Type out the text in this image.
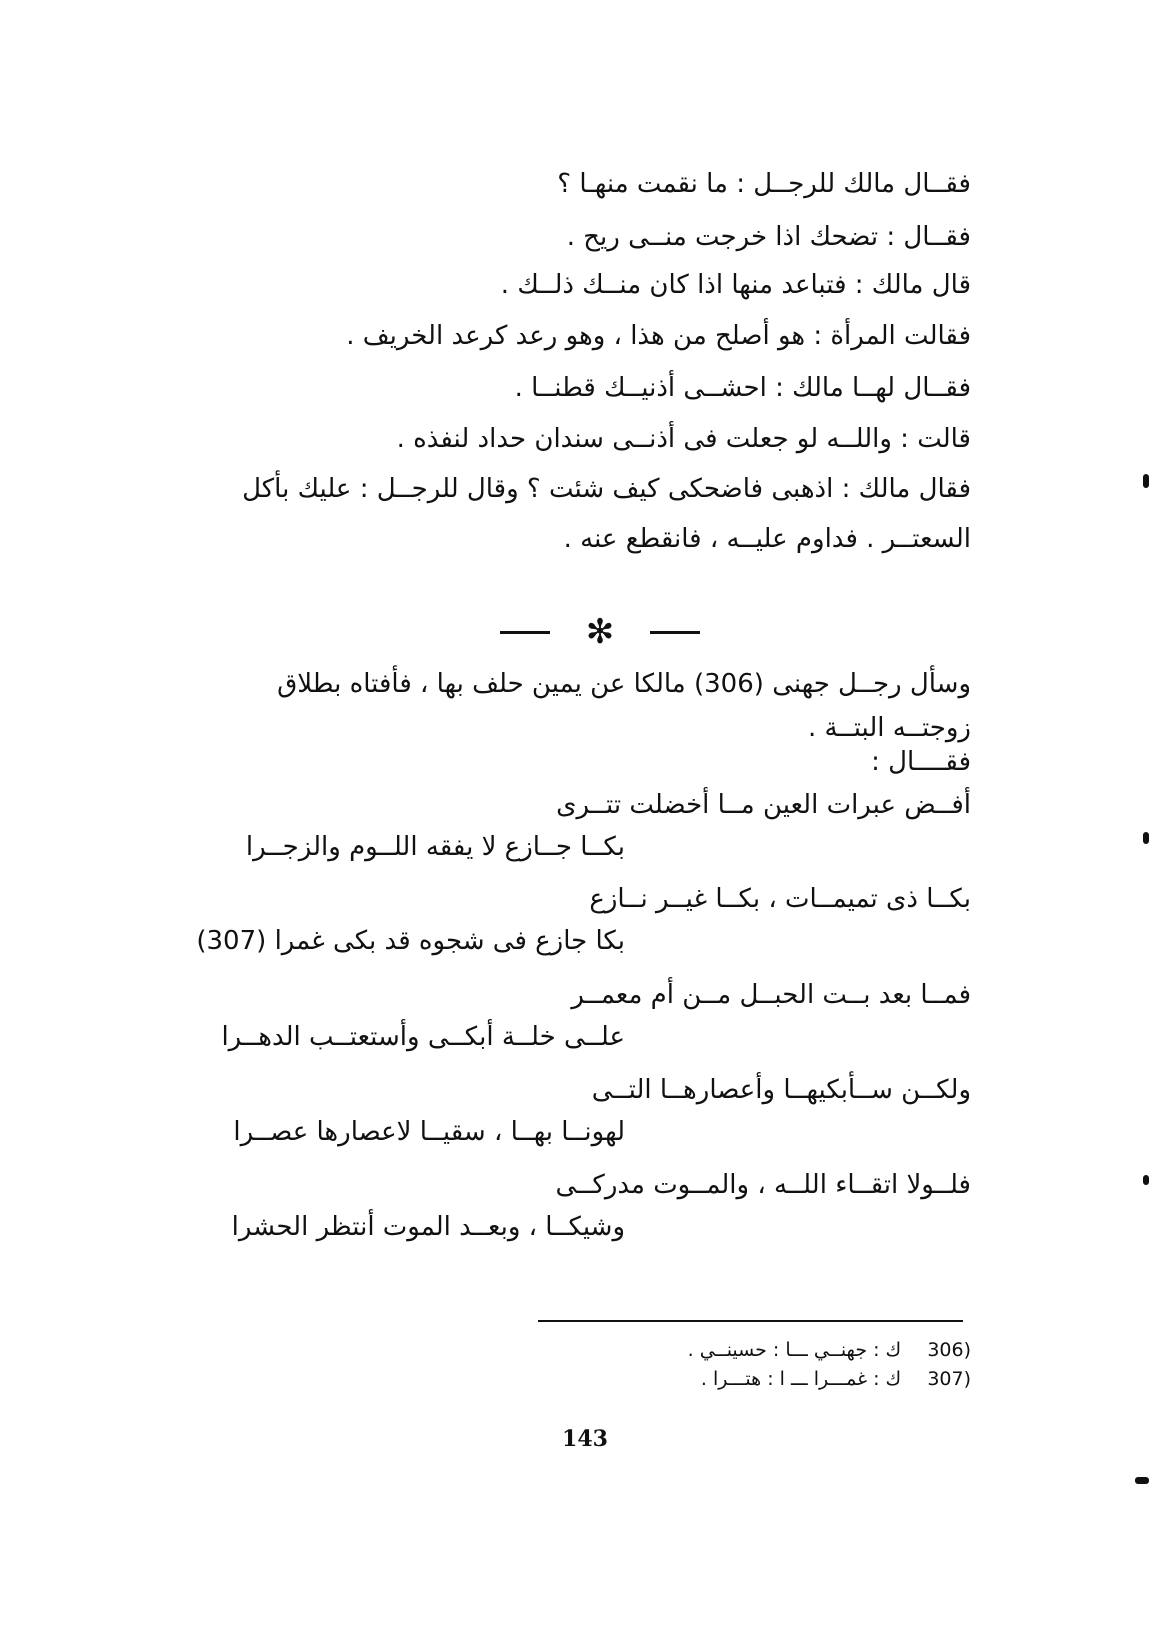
فقــال مالك للرجــل : ما نقمت منهـا ؟
فقــال : تضحك اذا خرجت منــى ريح .
قال مالك : فتباعد منها اذا كان منــك ذلــك .
فقالت المرأة : هو أصلح من هذا ، وهو رعد كرعد الخريف .
فقــال لهــا مالك : احشــى أذنيــك قطنــا .
قالت : واللــه لو جعلت فى أذنــى سندان حداد لنفذه .
فقال مالك : اذهبى فاضحكى كيف شئت ؟ وقال للرجــل : عليك بأكل السعتــر . فداوم عليــه ، فانقطع عنه .
✻
وسأل رجــل جهنى (306) مالكا عن يمين حلف بها ، فأفتاه بطلاق زوجتــه البتــة .
فقــــال :
أفــض عبرات العين مــا أخضلت تتــرى
بكــا جــازع لا يفقه اللــوم والزجــرا
بكــا ذى تميمــات ، بكــا غيــر نــازع
بكا جازع فى شجوه قد بكى غمرا (307)
فمــا بعد بــت الحبــل مــن أم معمــر
علــى خلــة أبكــى وأستعتــب الدهــرا
ولكــن ســأبكيهــا وأعصارهــا التــى
لهونــا بهــا ، سقيــا لاعصارها عصــرا
فلــولا اتقــاء اللــه ، والمــوت مدركــى
وشيكــا ، وبعــد الموت أنتظر الحشرا
(306  ك : جهنــي ـــا : حسينــي .
(307  ك : غمـــرا ـــ ا : هتـــرا .
143
